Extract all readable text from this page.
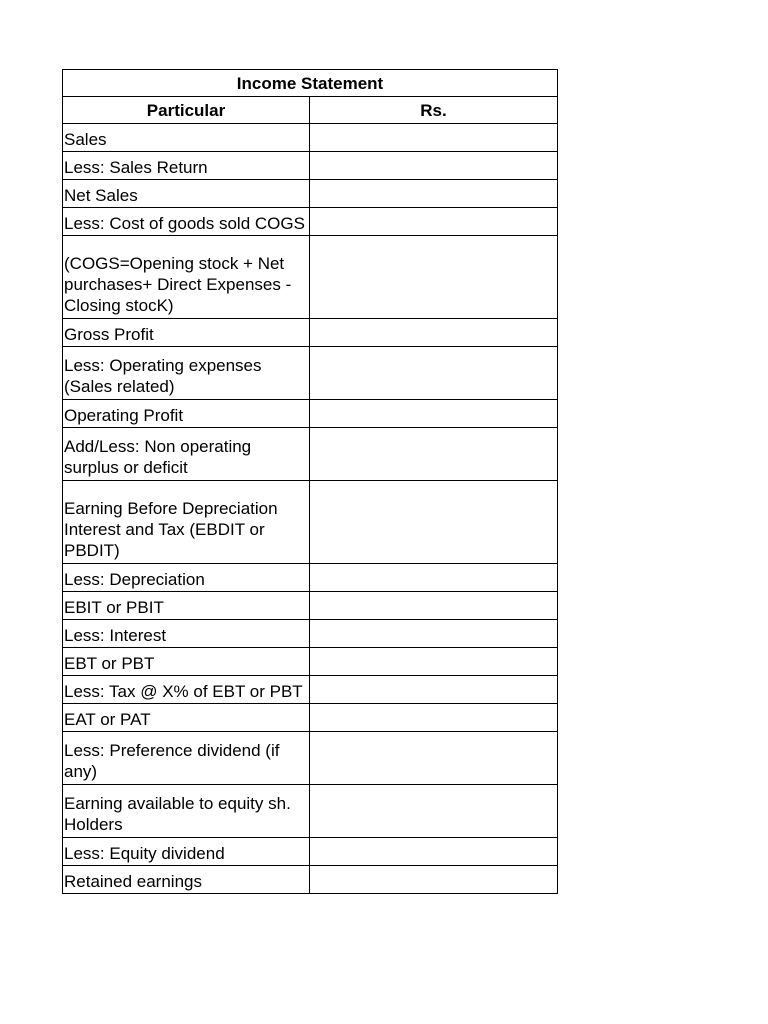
Income Statement	
Particular	Rs.
Sales	
Less: Sales Return	
Net Sales	
Less: Cost of goods sold COGS	
(COGS=Opening stock + Net purchases+ Direct Expenses - Closing stocK)	
Gross Profit	
Less: Operating expenses (Sales related)	
Operating Profit	
Add/Less: Non operating surplus or deficit	
Earning Before Depreciation Interest and Tax (EBDIT or PBDIT)	
Less: Depreciation	
EBIT or PBIT	
Less: Interest	
EBT or PBT	
Less: Tax @ X% of EBT or PBT	
EAT or PAT	
Less: Preference dividend (if any)	
Earning available to equity sh. Holders	
Less: Equity dividend	
Retained earnings	
